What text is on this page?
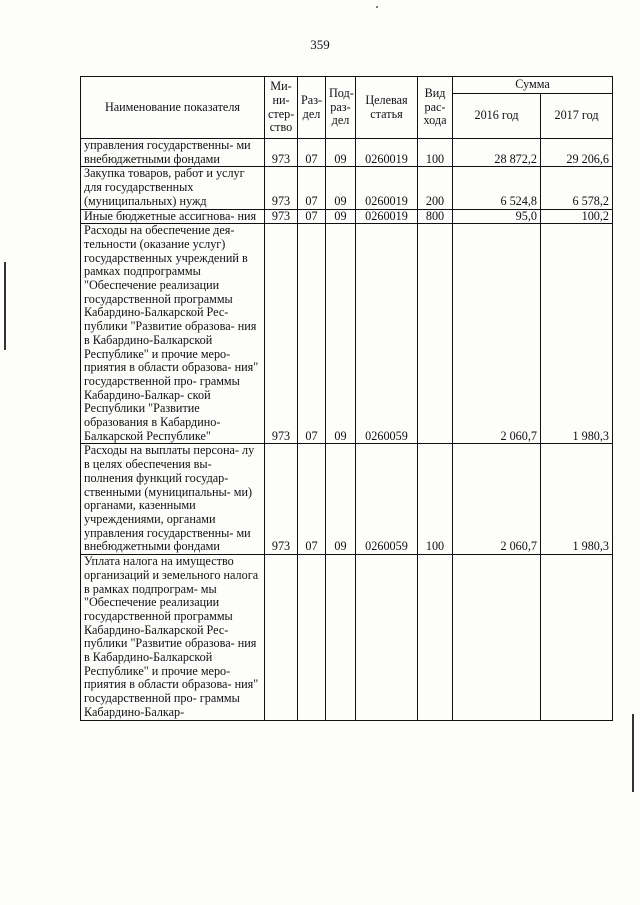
359
Наименование показателя	Ми- ни- стер- ство	Раз- дел	Под- раз- дел	Целевая статья	Вид рас- хода	Сумма	
						2016 год	2017 год
управления государственны- ми внебюджетными фондами	973	07	09	0260019	100	28 872,2	29 206,6
Закупка товаров, работ и услуг для государственных (муниципальных) нужд	973	07	09	0260019	200	6 524,8	6 578,2
Иные бюджетные ассигнова- ния	973	07	09	0260019	800	95,0	100,2
Расходы на обеспечение дея- тельности (оказание услуг) государственных учреждений в рамках подпрограммы "Обеспечение реализации государственной программы Кабардино-Балкарской Рес- публики "Развитие образова- ния в Кабардино-Балкарской Республике" и прочие меро- приятия в области образова- ния" государственной про- граммы Кабардино-Балкар- ской Республики "Развитие образования в Кабардино- Балкарской Республике"	973	07	09	0260059		2 060,7	1 980,3
Расходы на выплаты персона- лу в целях обеспечения вы- полнения функций государ- ственными (муниципальны- ми) органами, казенными учреждениями, органами управления государственны- ми внебюджетными фондами	973	07	09	0260059	100	2 060,7	1 980,3
Уплата налога на имущество организаций и земельного налога в рамках подпрограм- мы "Обеспечение реализации государственной программы Кабардино-Балкарской Рес- публики "Развитие образова- ния в Кабардино-Балкарской Республике" и прочие меро- приятия в области образова- ния" государственной про- граммы Кабардино-Балкар-							
